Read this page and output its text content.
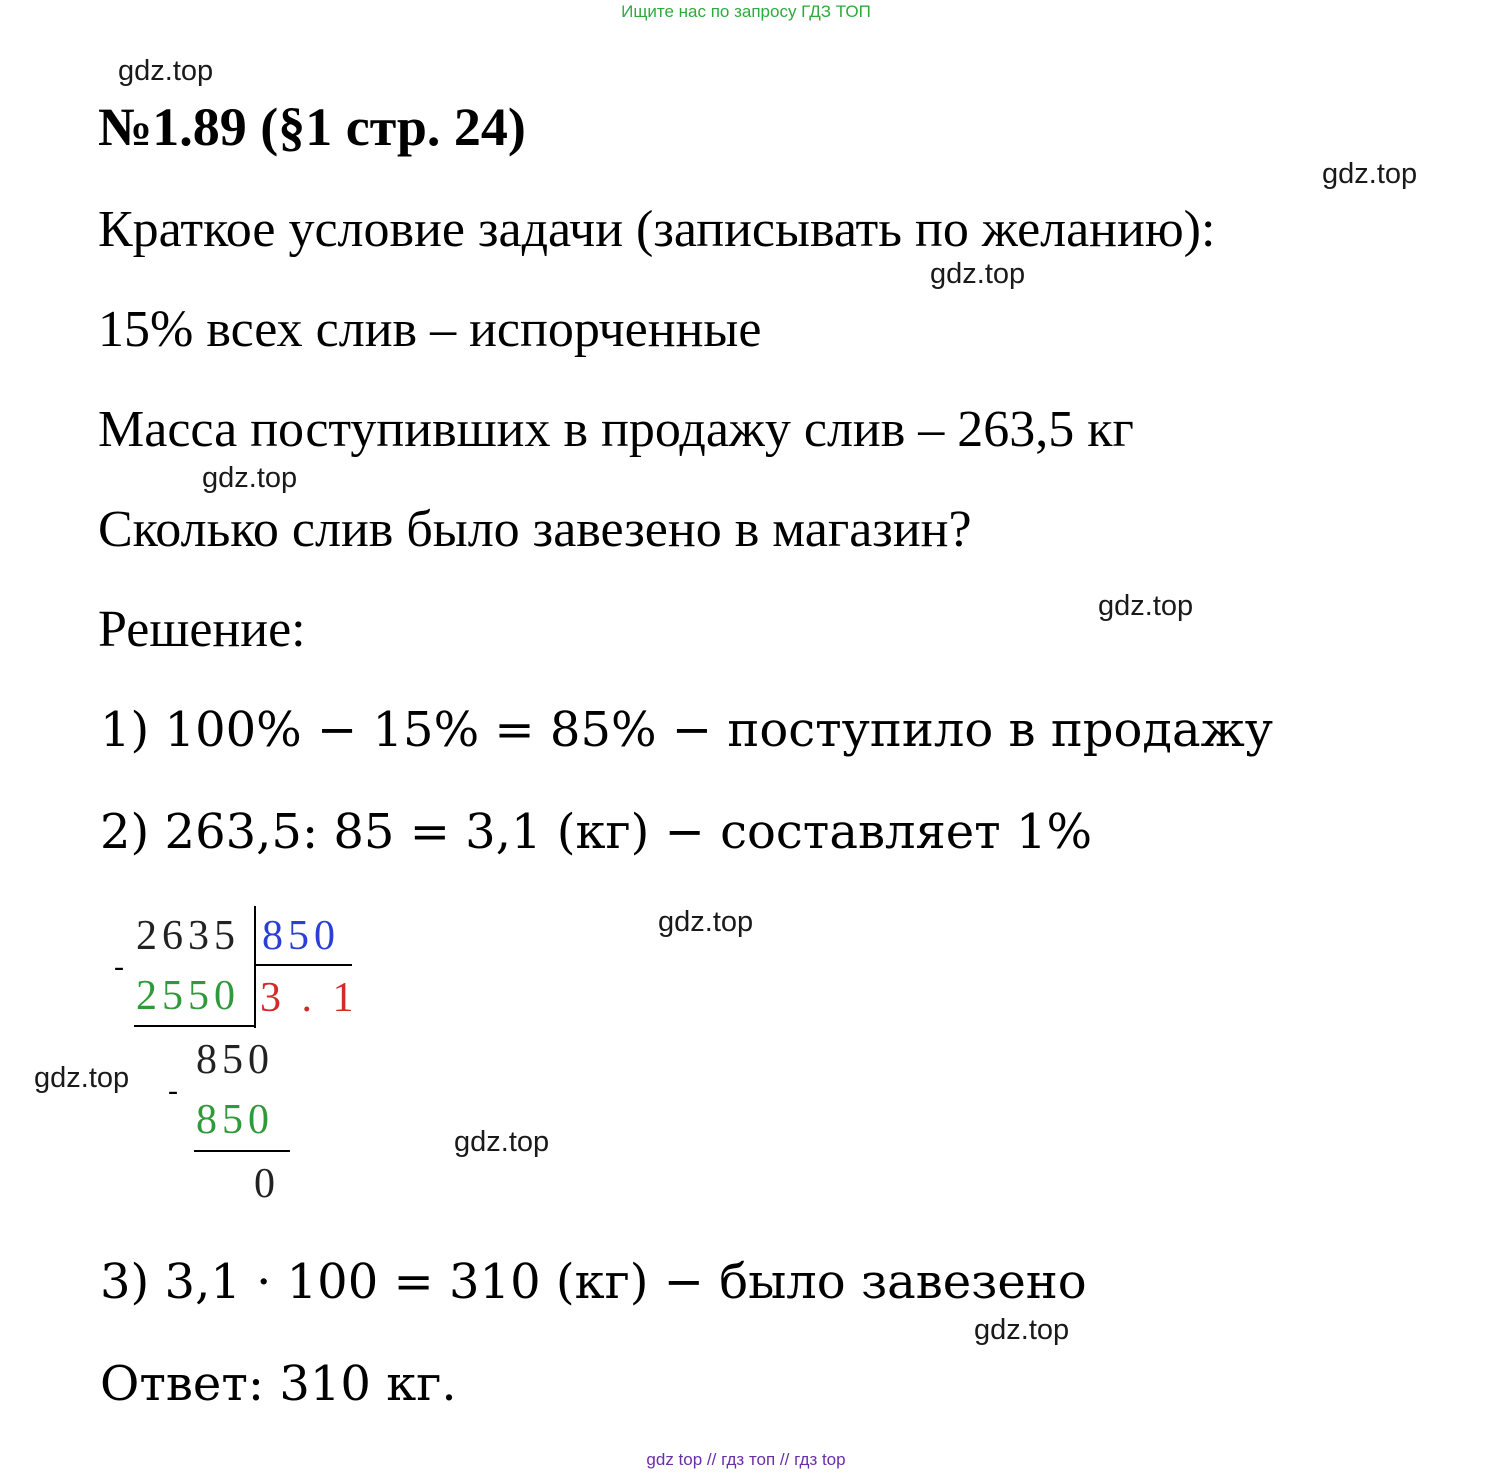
Ищите нас по запросу ГДЗ ТОП
gdz.top
gdz.top
gdz.top
gdz.top
gdz.top
gdz.top
gdz.top
gdz.top
gdz.top
№1.89 (§1 стр. 24)
Краткое условие задачи (записывать по желанию):
15% всех слив – испорченные
Масса поступивших в продажу слив – 263,5 кг
Сколько слив было завезено в магазин?
Решение:
1) 100% − 15% = 85% − поступило в продажу
2) 263,5: 85 = 3,1 (кг) − составляет 1%
2635 850
-
2550 3 . 1
850
-
850
0
3) 3,1 · 100 = 310 (кг) − было завезено
Ответ: 310 кг.
gdz top // гдз топ // гдз top
